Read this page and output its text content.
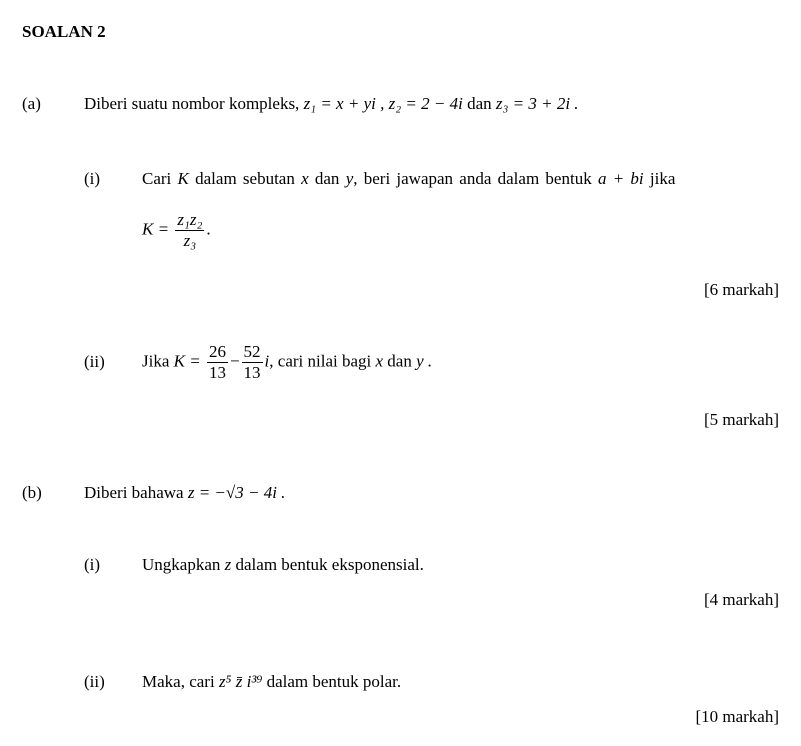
SOALAN 2
(a)	Diberi suatu nombor kompleks, z₁ = x + yi , z₂ = 2 − 4i dan z₃ = 3 + 2i .
(i) Cari K dalam sebutan x dan y, beri jawapan anda dalam bentuk a + bi jika
$K = \frac{\text{z₁z₂}}{\text{z₃}}$ .
[6 markah]
(ii) Jika $K = \frac{26}{13} - \frac{52}{13} i$, cari nilai bagi x dan y .
[5 markah]
(b) Diberi bahawa z = −√3 − 4i .
(i) Ungkapkan z dalam bentuk eksponensial.
[4 markah]
(ii) Maka, cari z⁵ z̄ i³⁹ dalam bentuk polar.
[10 markah]
